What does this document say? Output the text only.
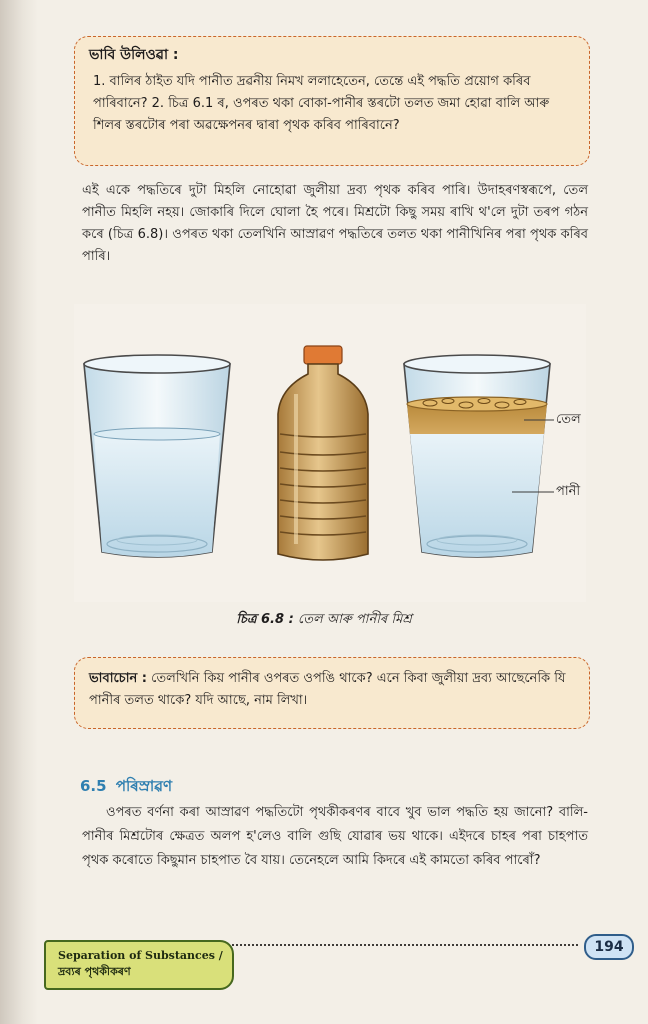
ভাবি উলিওৱা :

1. বালিৰ ঠাইত যদি পানীত দ্ৰৱনীয় নিমখ ললাহেতেন, তেন্তে এই পদ্ধতি প্ৰয়োগ কৰিব পাৰিবানে? 2. চিত্ৰ 6.1 ৰ, ওপৰত থকা বোকা-পানীৰ স্তৰটো তলত জমা হোৱা বালি আৰু শিলৰ স্তৰটোৰ পৰা অৱক্ষেপনৰ দ্বাৰা পৃথক কৰিব পাৰিবানে?

এই একে পদ্ধতিৰে দুটা মিহলি নোহোৱা জুলীয়া দ্ৰব্য পৃথক কৰিব পাৰি। উদাহৰণস্বৰূপে, তেল পানীত মিহলি নহয়। জোকাৰি দিলে ঘোলা হৈ পৰে। মিশ্ৰটো কিছু সময় ৰাখি থ'লে দুটা তৰপ গঠন কৰে (চিত্ৰ 6.8)। ওপৰত থকা তেলখিনি আস্ৰাৱণ পদ্ধতিৰে তলত থকা পানীখিনিৰ পৰা পৃথক কৰিব পাৰি।

তেল
পানী
চিত্ৰ 6.8 : তেল আৰু পানীৰ মিশ্ৰ
ভাবাচোন : তেলখিনি কিয় পানীৰ ওপৰত ওপঙি থাকে? এনে কিবা জুলীয়া দ্ৰব্য আছেনেকি যি পানীৰ তলত থাকে? যদি আছে, নাম লিখা।
6.5 পৰিস্ৰাৱণ

ওপৰত বৰ্ণনা কৰা আস্ৰাৱণ পদ্ধতিটো পৃথকীকৰণৰ বাবে খুব ভাল পদ্ধতি হয় জানো? বালি-পানীৰ মিশ্ৰটোৰ ক্ষেত্ৰত অলপ হ'লেও বালি গুছি যোৱাৰ ভয় থাকে। এইদৰে চাহৰ পৰা চাহপাত পৃথক কৰোতে কিছুমান চাহপাত বৈ যায়। তেনেহলে আমি কিদৰে এই কামতো কৰিব পাৰোঁ?

Separation of Substances /
দ্ৰব্যৰ পৃথকীকৰণ
194
